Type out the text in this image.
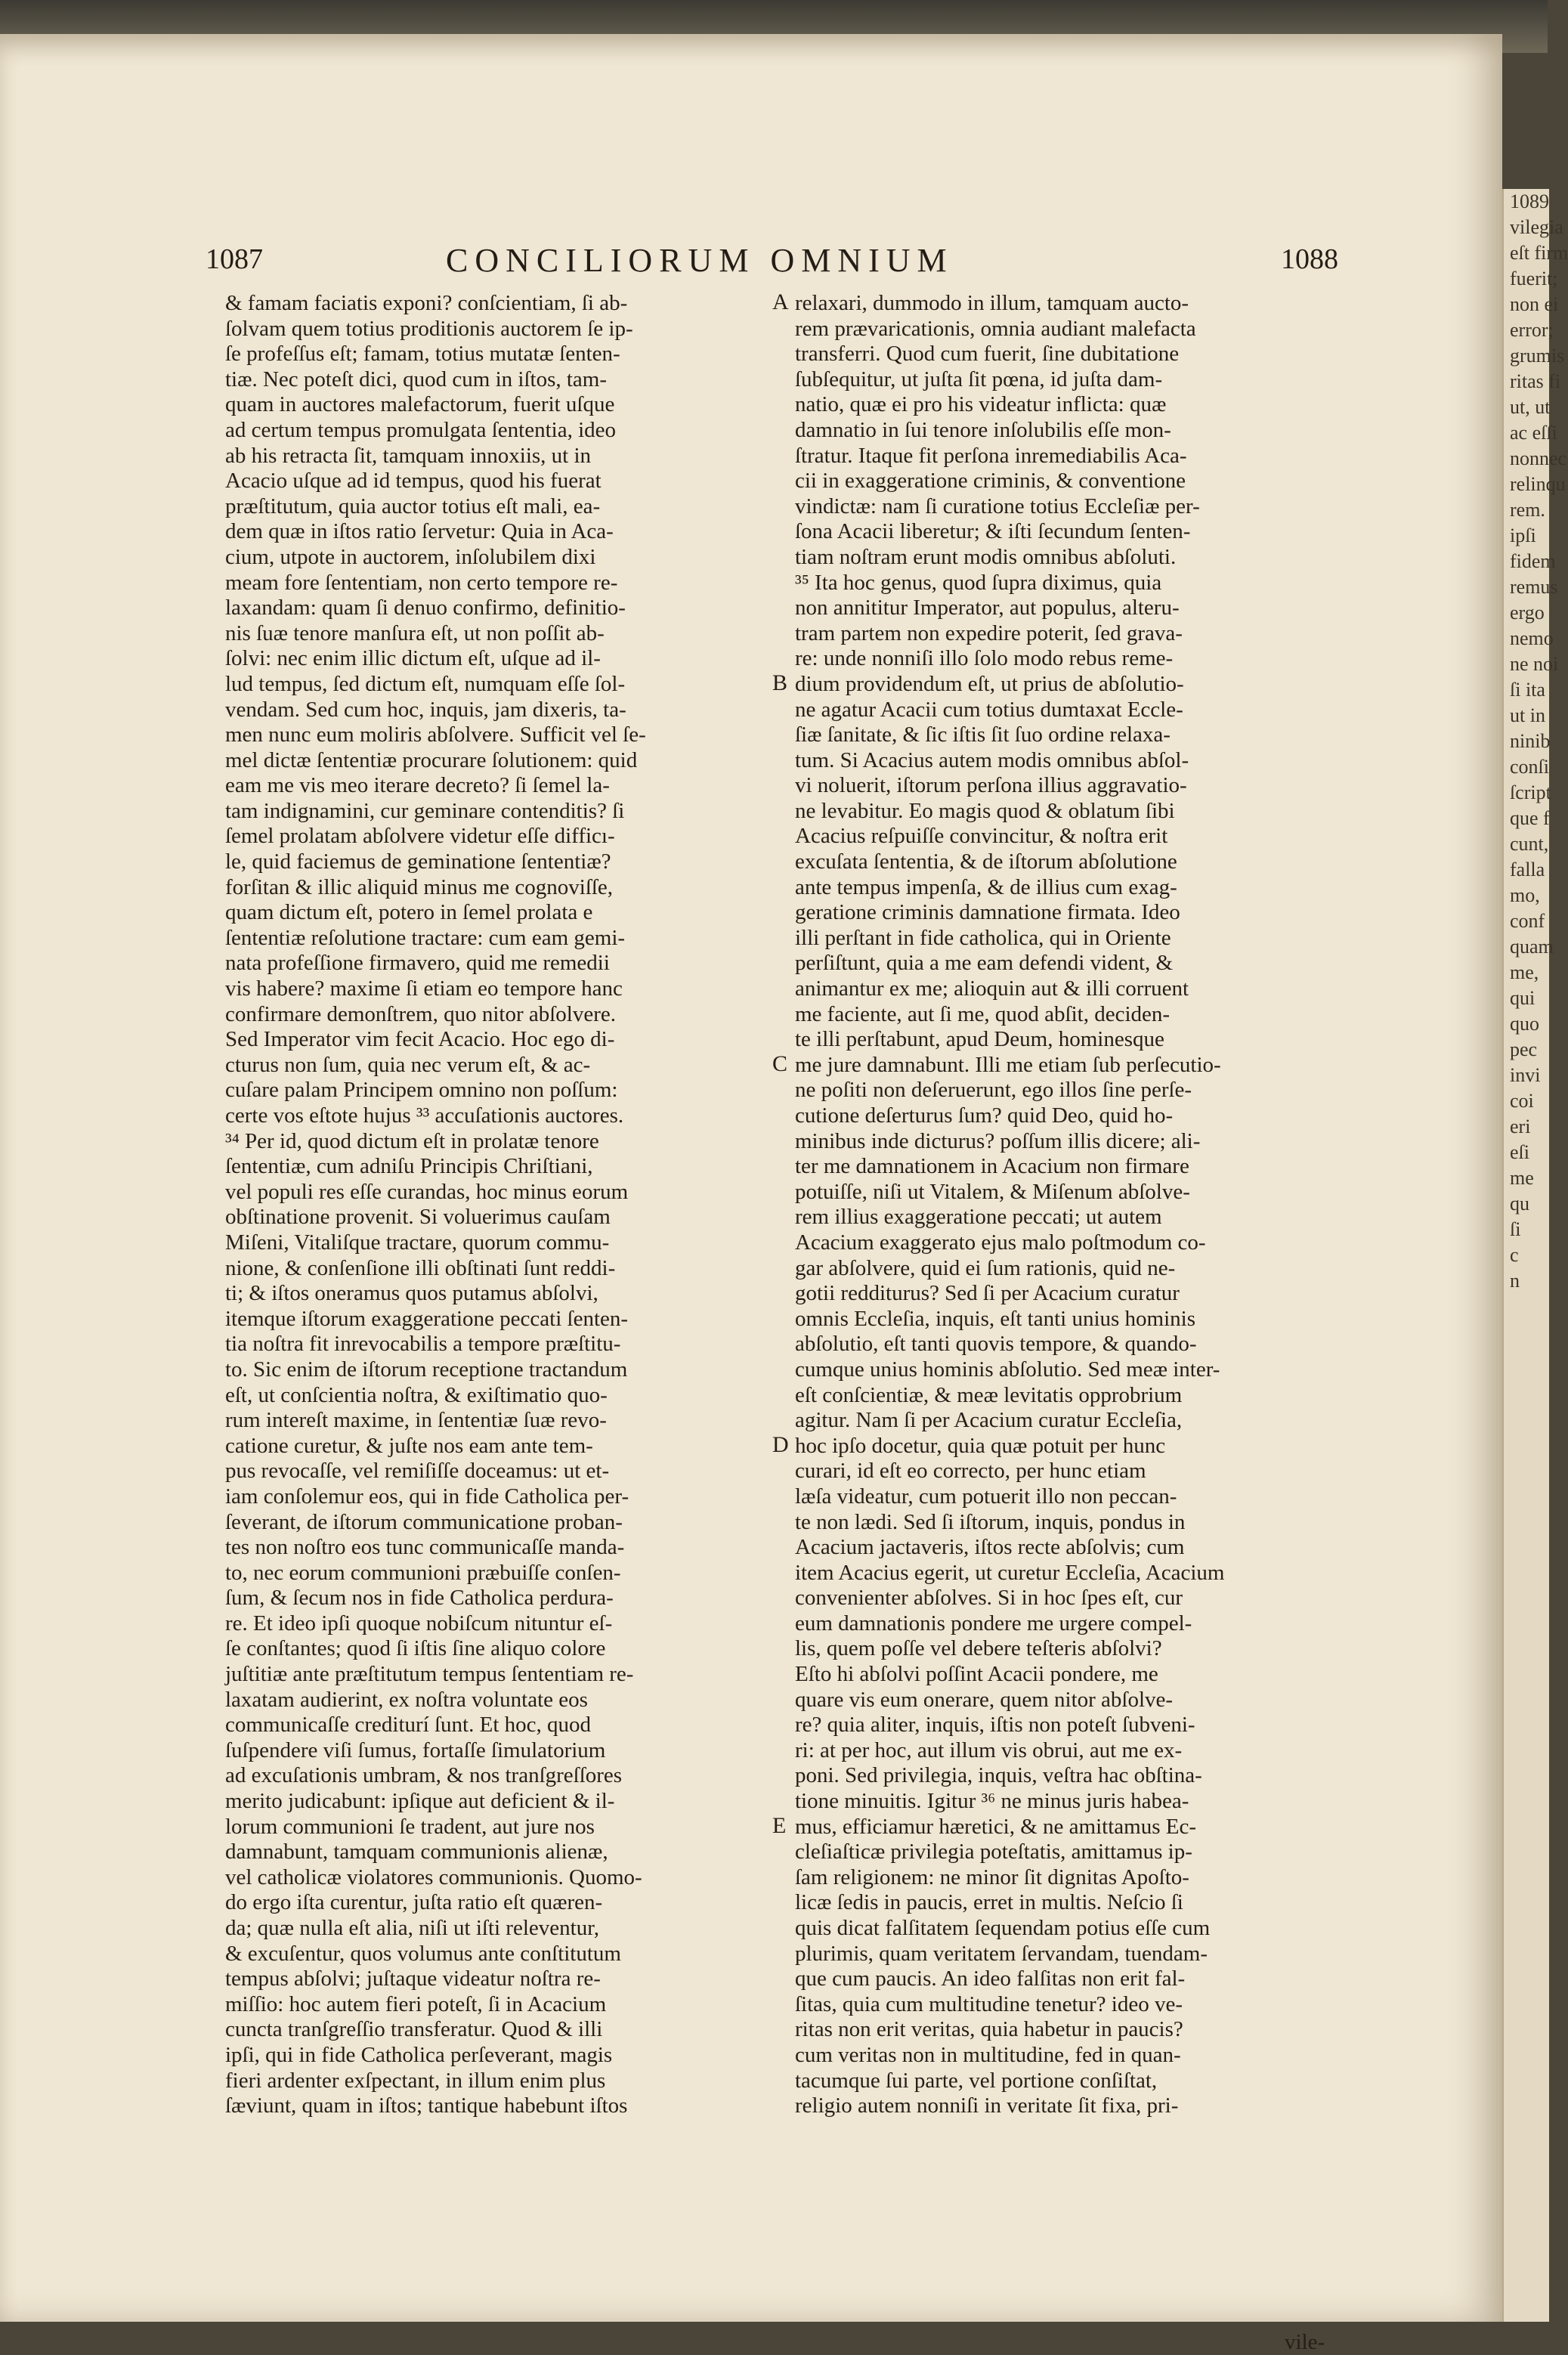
1087	CONCILIORUM OMNIUM	1088
& famam faciatis exponi? conſcientiam, ſi ab-
ſolvam quem totius proditionis auctorem ſe ip-
ſe profeſſus eſt; famam, totius mutatæ ſenten-
tiæ. Nec poteſt dici, quod cum in iſtos, tam-
quam in auctores malefactorum, fuerit uſque
ad certum tempus promulgata ſententia, ideo
ab his retracta ſit, tamquam innoxiis, ut in
Acacio uſque ad id tempus, quod his fuerat
præſtitutum, quia auctor totius eſt mali, ea-
dem quæ in iſtos ratio ſervetur: Quia in Aca-
cium, utpote in auctorem, inſolubilem dixi
meam fore ſententiam, non certo tempore re-
laxandam: quam ſi denuo confirmo, definitio-
nis ſuæ tenore manſura eſt, ut non poſſit ab-
ſolvi: nec enim illic dictum eſt, uſque ad il-
lud tempus, ſed dictum eſt, numquam eſſe ſol-
vendam. Sed cum hoc, inquis, jam dixeris, ta-
men nunc eum moliris abſolvere. Sufficit vel ſe-
mel dictæ ſententiæ procurare ſolutionem: quid
eam me vis meo iterare decreto? ſi ſemel la-
tam indignamini, cur geminare contenditis? ſi
ſemel prolatam abſolvere videtur eſſe difficı-
le, quid faciemus de geminatione ſententiæ?
forſitan & illic aliquid minus me cognoviſſe,
quam dictum eſt, potero in ſemel prolata e
ſententiæ reſolutione tractare: cum eam gemi-
nata profeſſione firmavero, quid me remedii
vis habere? maxime ſi etiam eo tempore hanc
confirmare demonſtrem, quo nitor abſolvere.
Sed Imperator vim fecit Acacio. Hoc ego di-
cturus non ſum, quia nec verum eſt, & ac-
cuſare palam Principem omnino non poſſum:
certe vos eſtote hujus ³³ accuſationis auctores.
³⁴ Per id, quod dictum eſt in prolatæ tenore
ſententiæ, cum adniſu Principis Chriſtiani,
vel populi res eſſe curandas, hoc minus eorum
obſtinatione provenit. Si voluerimus cauſam
Miſeni, Vitaliſque tractare, quorum commu-
nione, & conſenſione illi obſtinati ſunt reddi-
ti; & iſtos oneramus quos putamus abſolvi,
itemque iſtorum exaggeratione peccati ſenten-
tia noſtra fit inrevocabilis a tempore præſtitu-
to. Sic enim de iſtorum receptione tractandum
eſt, ut conſcientia noſtra, & exiſtimatio quo-
rum intereſt maxime, in ſententiæ ſuæ revo-
catione curetur, & juſte nos eam ante tem-
pus revocaſſe, vel remiſiſſe doceamus: ut et-
iam conſolemur eos, qui in fide Catholica per-
ſeverant, de iſtorum communicatione proban-
tes non noſtro eos tunc communicaſſe manda-
to, nec eorum communioni præbuiſſe conſen-
ſum, & ſecum nos in fide Catholica perdura-
re. Et ideo ipſi quoque nobiſcum nituntur eſ-
ſe conſtantes; quod ſi iſtis ſine aliquo colore
juſtitiæ ante præſtitutum tempus ſententiam re-
laxatam audierint, ex noſtra voluntate eos
communicaſſe crediturí ſunt. Et hoc, quod
ſuſpendere viſi ſumus, fortaſſe ſimulatorium
ad excuſationis umbram, & nos tranſgreſſores
merito judicabunt: ipſique aut deficient & il-
lorum communioni ſe tradent, aut jure nos
damnabunt, tamquam communionis alienæ,
vel catholicæ violatores communionis. Quomo-
do ergo iſta curentur, juſta ratio eſt quæren-
da; quæ nulla eſt alia, niſi ut iſti releventur,
& excuſentur, quos volumus ante conſtitutum
tempus abſolvi; juſtaque videatur noſtra re-
miſſio: hoc autem fieri poteſt, ſi in Acacium
cuncta tranſgreſſio transferatur. Quod & illi
ipſi, qui in fide Catholica perſeverant, magis
fieri ardenter exſpectant, in illum enim plus
ſæviunt, quam in iſtos; tantique habebunt iſtos
A
B
C
D
E
relaxari, dummodo in illum, tamquam aucto-
rem prævaricationis, omnia audiant malefacta
transferri. Quod cum fuerit, ſine dubitatione
ſubſequitur, ut juſta ſit pœna, id juſta dam-
natio, quæ ei pro his videatur inflicta: quæ
damnatio in ſui tenore inſolubilis eſſe mon-
ſtratur. Itaque fit perſona inremediabilis Aca-
cii in exaggeratione criminis, & conventione
vindictæ: nam ſi curatione totius Eccleſiæ per-
ſona Acacii liberetur; & iſti ſecundum ſenten-
tiam noſtram erunt modis omnibus abſoluti.
³⁵ Ita hoc genus, quod ſupra diximus, quia
non annititur Imperator, aut populus, alteru-
tram partem non expedire poterit, ſed grava-
re: unde nonniſi illo ſolo modo rebus reme-
dium providendum eſt, ut prius de abſolutio-
ne agatur Acacii cum totius dumtaxat Eccle-
ſiæ ſanitate, & ſic iſtis ſit ſuo ordine relaxa-
tum. Si Acacius autem modis omnibus abſol-
vi noluerit, iſtorum perſona illius aggravatio-
ne levabitur. Eo magis quod & oblatum ſibi
Acacius reſpuiſſe convincitur, & noſtra erit
excuſata ſententia, & de iſtorum abſolutione
ante tempus impenſa, & de illius cum exag-
geratione criminis damnatione firmata. Ideo
illi perſtant in fide catholica, qui in Oriente
perſiſtunt, quia a me eam defendi vident, &
animantur ex me; alioquin aut & illi corruent
me faciente, aut ſi me, quod abſit, deciden-
te illi perſtabunt, apud Deum, hominesque
me jure damnabunt. Illi me etiam ſub perſecutio-
ne poſiti non deſeruerunt, ego illos ſine perſe-
cutione deſerturus ſum? quid Deo, quid ho-
minibus inde dicturus? poſſum illis dicere; ali-
ter me damnationem in Acacium non firmare
potuiſſe, niſi ut Vitalem, & Miſenum abſolve-
rem illius exaggeratione peccati; ut autem
Acacium exaggerato ejus malo poſtmodum co-
gar abſolvere, quid ei ſum rationis, quid ne-
gotii redditurus? Sed ſi per Acacium curatur
omnis Eccleſia, inquis, eſt tanti unius hominis
abſolutio, eſt tanti quovis tempore, & quando-
cumque unius hominis abſolutio. Sed meæ inter-
eſt conſcientiæ, & meæ levitatis opprobrium
agitur. Nam ſi per Acacium curatur Eccleſia,
hoc ipſo docetur, quia quæ potuit per hunc
curari, id eſt eo correcto, per hunc etiam
læſa videatur, cum potuerit illo non peccan-
te non lædi. Sed ſi iſtorum, inquis, pondus in
Acacium jactaveris, iſtos recte abſolvis; cum
item Acacius egerit, ut curetur Eccleſia, Acacium
convenienter abſolves. Si in hoc ſpes eſt, cur
eum damnationis pondere me urgere compel-
lis, quem poſſe vel debere teſteris abſolvi?
Eſto hi abſolvi poſſint Acacii pondere, me
quare vis eum onerare, quem nitor abſolve-
re? quia aliter, inquis, iſtis non poteſt ſubveni-
ri: at per hoc, aut illum vis obrui, aut me ex-
poni. Sed privilegia, inquis, veſtra hac obſtina-
tione minuitis. Igitur ³⁶ ne minus juris habea-
mus, efficiamur hæretici, & ne amittamus Ec-
cleſiaſticæ privilegia poteſtatis, amittamus ip-
ſam religionem: ne minor ſit dignitas Apoſto-
licæ ſedis in paucis, erret in multis. Neſcio ſi
quis dicat falſitatem ſequendam potius eſſe cum
plurimis, quam veritatem ſervandam, tuendam-
que cum paucis. An ideo falſitas non erit fal-
ſitas, quia cum multitudine tenetur? ideo ve-
ritas non erit veritas, quia habetur in paucis?
cum veritas non in multitudine, fed in quan-
tacumque ſui parte, vel portione conſiſtat,
religio autem nonniſi in veritate ſit fixa, pri-
vile-
1089
vilegia
eſt firm
fuerit;
non ei
error;
grumis
ritas fi
ut, ut
ac eſſi
nonnec
relinqu
rem.
ipſi
fidem
remus
ergo
nemo
ne noi
ſi ita
ut in
ninib
conſi
ſcript
que f
cunt,
falla
mo,
conf
quam
me,
qui
quo
pec
invi
coi
eri
eſi
me
qu
ſi
c
n
